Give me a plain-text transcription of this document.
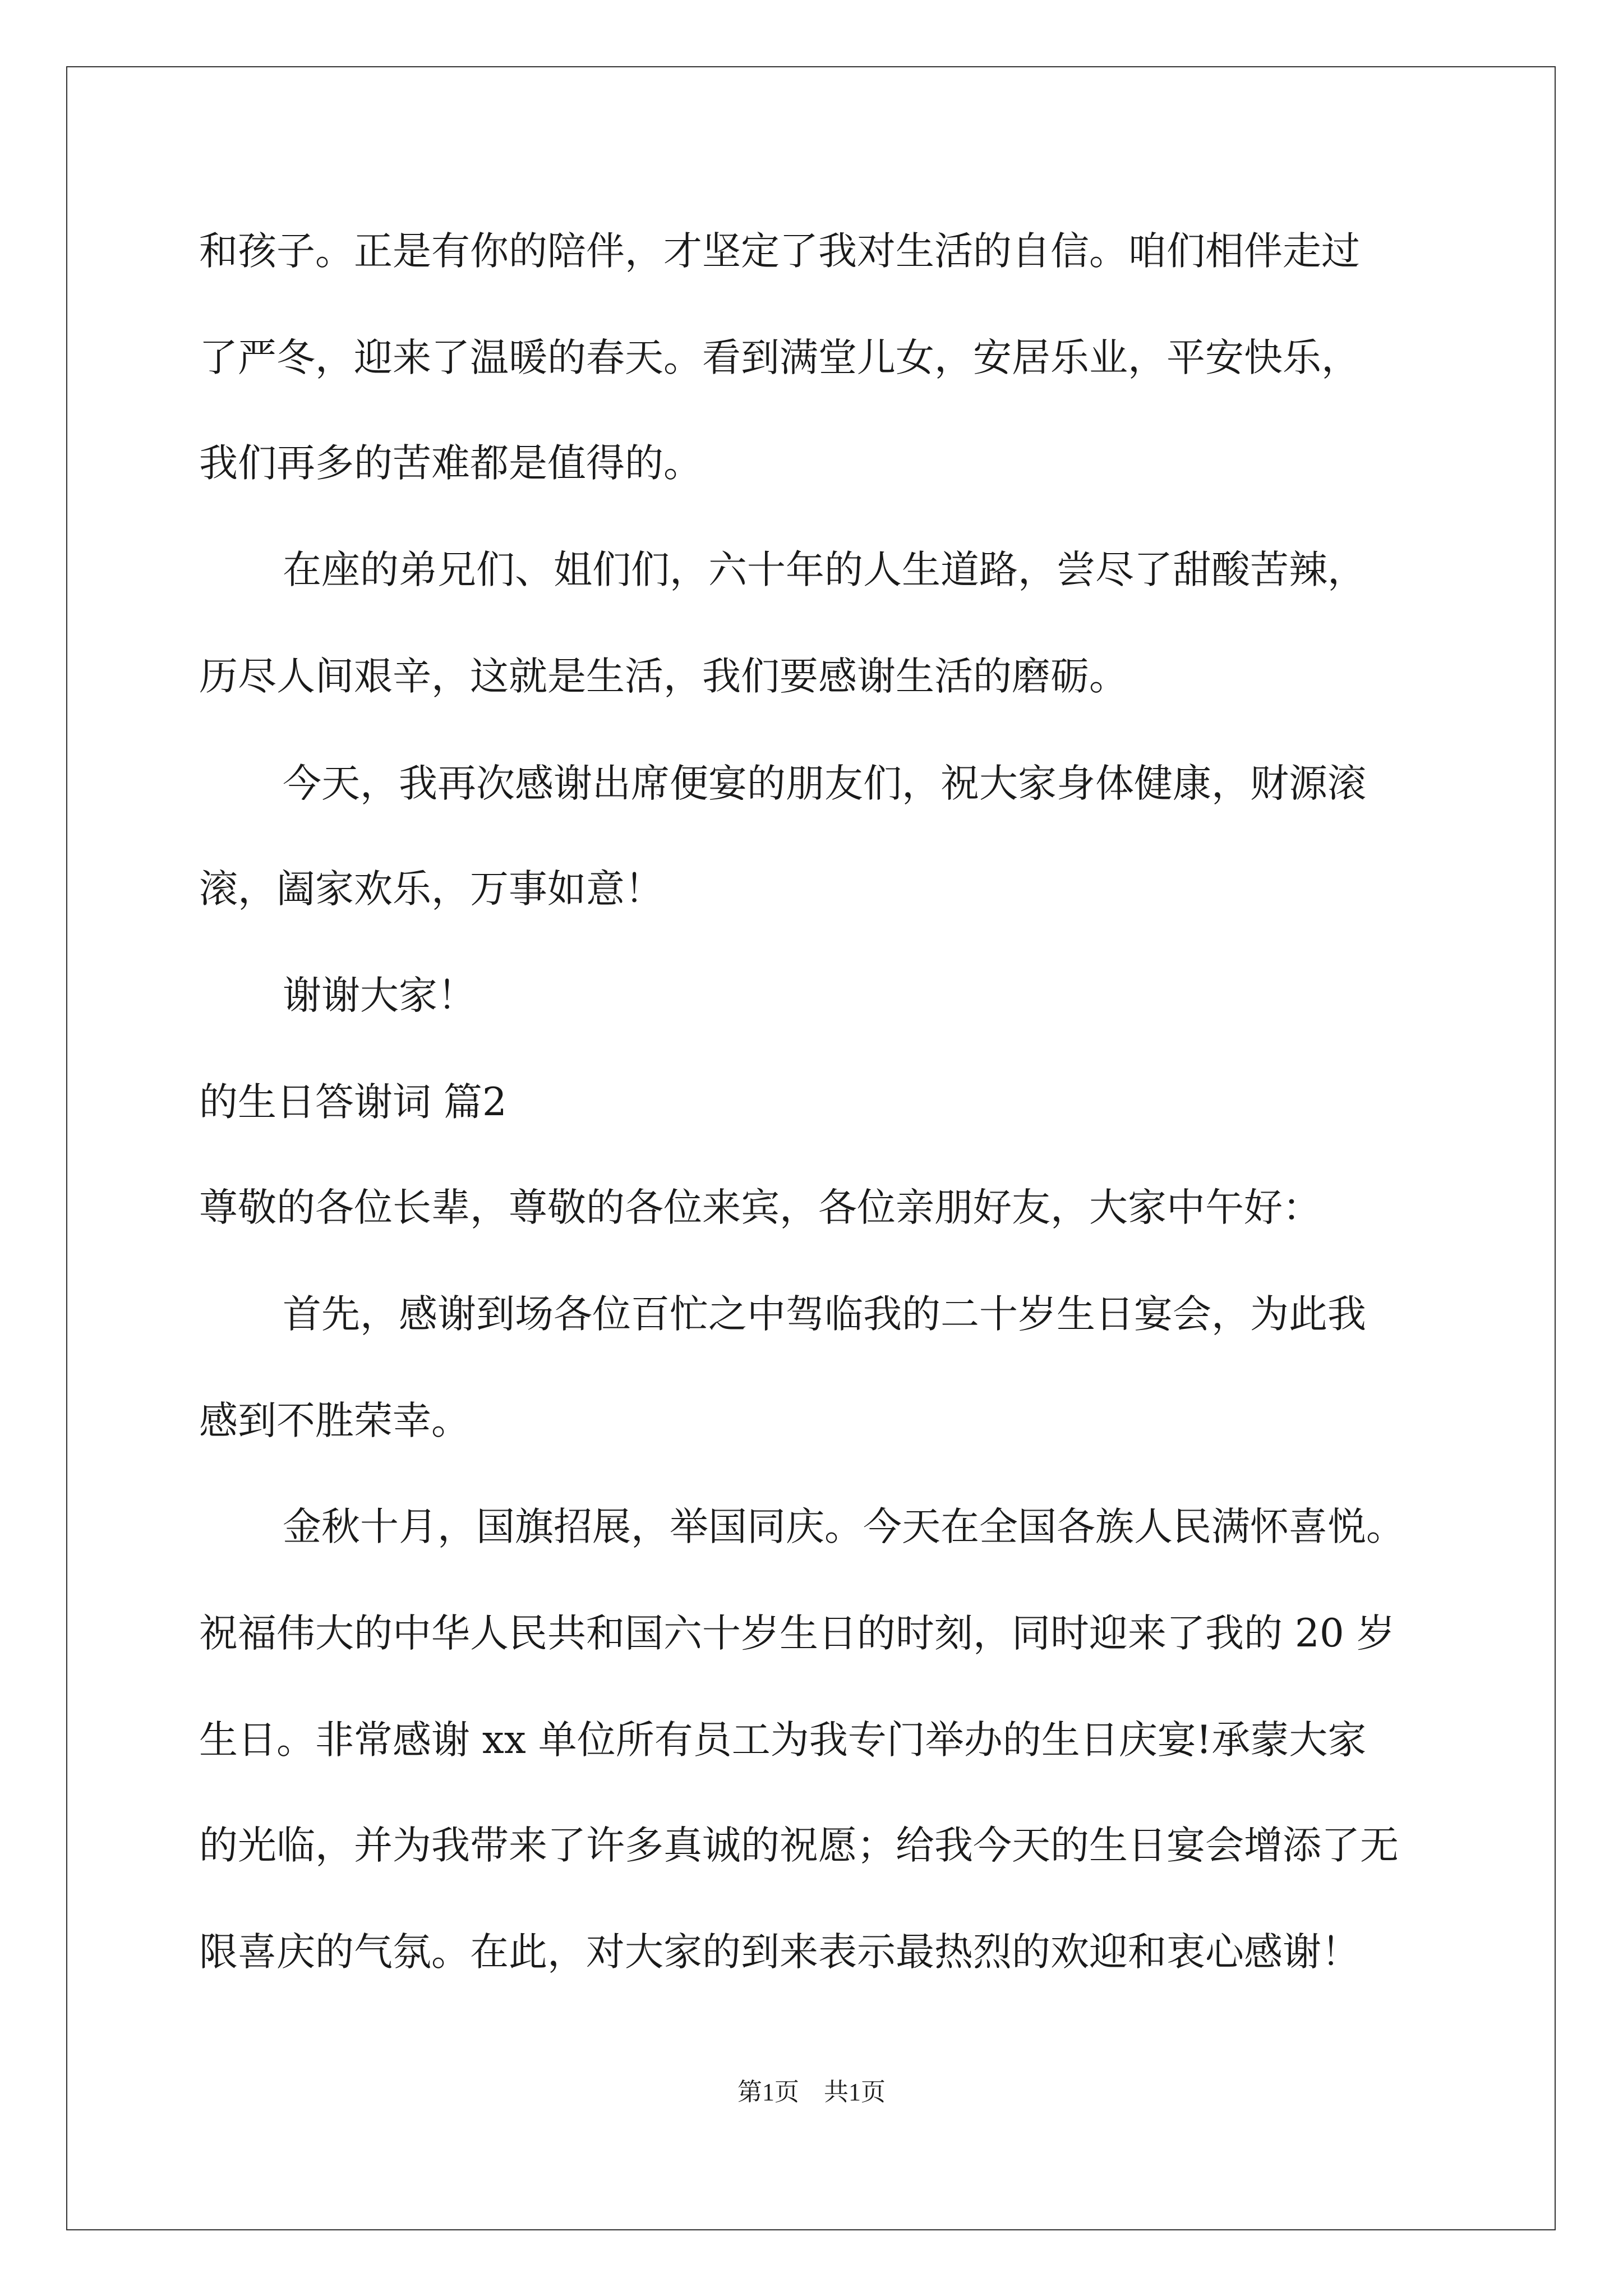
和孩子。正是有你的陪伴，才坚定了我对生活的自信。咱们相伴走过
了严冬，迎来了温暖的春天。看到满堂儿女，安居乐业，平安快乐，
我们再多的苦难都是值得的。
在座的弟兄们、姐们们，六十年的人生道路，尝尽了甜酸苦辣，
历尽人间艰辛，这就是生活，我们要感谢生活的磨砺。
今天，我再次感谢出席便宴的朋友们，祝大家身体健康，财源滚
滚，阖家欢乐，万事如意！
谢谢大家！
的生日答谢词 篇2
尊敬的各位长辈，尊敬的各位来宾，各位亲朋好友，大家中午好：
首先，感谢到场各位百忙之中驾临我的二十岁生日宴会，为此我
感到不胜荣幸。
金秋十月，国旗招展，举国同庆。今天在全国各族人民满怀喜悦。
祝福伟大的中华人民共和国六十岁生日的时刻，同时迎来了我的 20 岁
生日。非常感谢 xx 单位所有员工为我专门举办的生日庆宴!承蒙大家
的光临，并为我带来了许多真诚的祝愿；给我今天的生日宴会增添了无
限喜庆的气氛。在此，对大家的到来表示最热烈的欢迎和衷心感谢！
第1页　共1页
